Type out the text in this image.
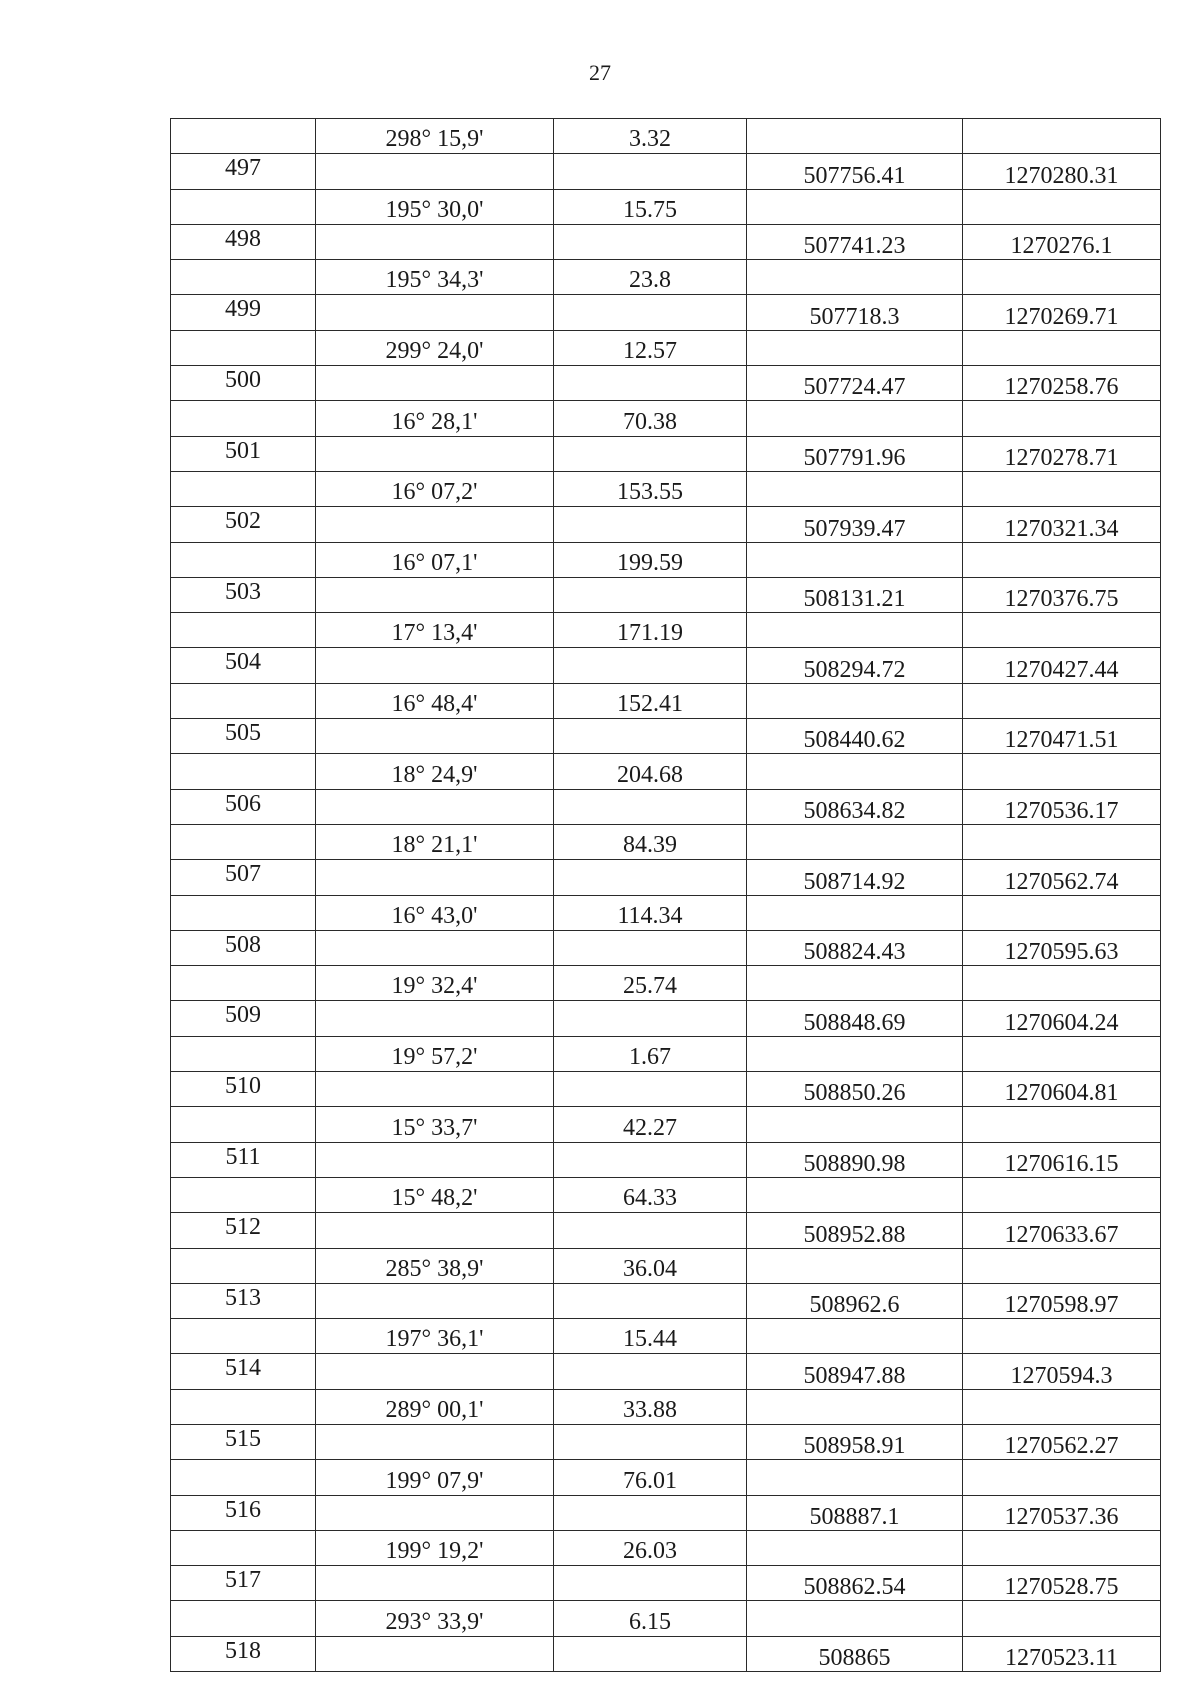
27
	298° 15,9'	3.32		
497			507756.41	1270280.31
	195° 30,0'	15.75		
498			507741.23	1270276.1
	195° 34,3'	23.8		
499			507718.3	1270269.71
	299° 24,0'	12.57		
500			507724.47	1270258.76
	16° 28,1'	70.38		
501			507791.96	1270278.71
	16° 07,2'	153.55		
502			507939.47	1270321.34
	16° 07,1'	199.59		
503			508131.21	1270376.75
	17° 13,4'	171.19		
504			508294.72	1270427.44
	16° 48,4'	152.41		
505			508440.62	1270471.51
	18° 24,9'	204.68		
506			508634.82	1270536.17
	18° 21,1'	84.39		
507			508714.92	1270562.74
	16° 43,0'	114.34		
508			508824.43	1270595.63
	19° 32,4'	25.74		
509			508848.69	1270604.24
	19° 57,2'	1.67		
510			508850.26	1270604.81
	15° 33,7'	42.27		
511			508890.98	1270616.15
	15° 48,2'	64.33		
512			508952.88	1270633.67
	285° 38,9'	36.04		
513			508962.6	1270598.97
	197° 36,1'	15.44		
514			508947.88	1270594.3
	289° 00,1'	33.88		
515			508958.91	1270562.27
	199° 07,9'	76.01		
516			508887.1	1270537.36
	199° 19,2'	26.03		
517			508862.54	1270528.75
	293° 33,9'	6.15		
518			508865	1270523.11
